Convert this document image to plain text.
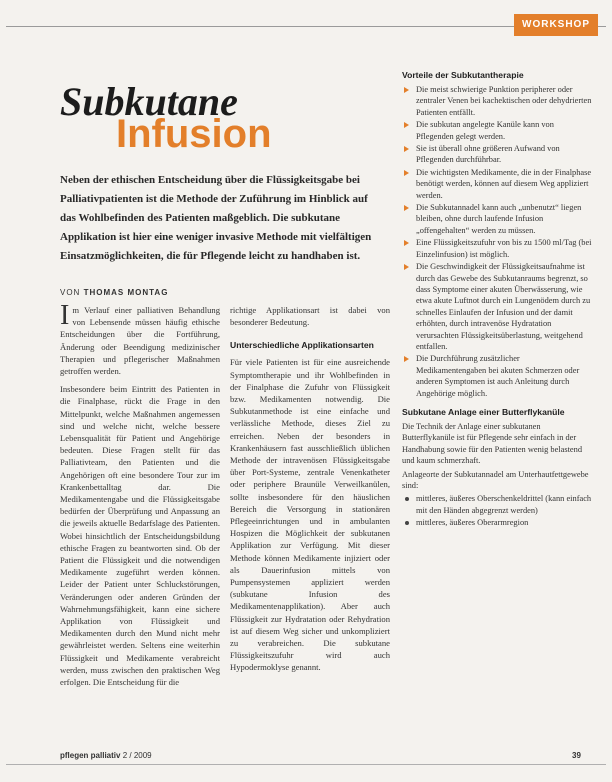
WORKSHOP
Subkutane
Infusion
Neben der ethischen Entscheidung über die Flüssigkeitsgabe bei Palliativpatienten ist die Methode der Zuführung im Hinblick auf das Wohlbefinden des Patienten maßgeblich. Die subkutane Applikation ist hier eine weniger invasive Methode mit vielfältigen Einsatzmöglichkeiten, die für Pflegende leicht zu handhaben ist.
VON THOMAS MONTAG

Im Verlauf einer palliativen Behandlung von Lebensende müssen häufig ethische Entscheidungen über die Fortführung, Änderung oder Beendigung medizinischer Therapien und pflegerischer Maßnahmen getroffen werden.

Insbesondere beim Eintritt des Patienten in die Finalphase, rückt die Frage in den Mittelpunkt, welche Maßnahmen angemessen sind und welche nicht, welche bessere Lebensqualität für Patient und Angehörige bedeuten. Diese Fragen stellt für das Palliativteam, den Patienten und die Angehörigen oft eine besondere Tour zur im Krankenbettalltag dar. Die Medikamentengabe und die Flüssigkeitsgabe bedürfen der Überprüfung und Anpassung an die jeweils aktuelle Bedarfslage des Patienten. Wobei hinsichtlich der Entscheidungsbildung ethische Fragen zu beantworten sind. Ob der Patient die Flüssigkeit und die notwendigen Medikamente zugeführt werden können. Leider der Patient unter Schluckstörungen, Veränderungen oder anderen Gründen der Wahrnehmungsfähigkeit, kann eine sichere Applikation von Flüssigkeit und Medikamenten durch den Mund nicht mehr gewährleistet werden. Seltens eine weiterhin Flüssigkeit und Medikamente verabreicht werden, muss zwischen den praktischen Weg erfolgen. Die Entscheidung für die

richtige Applikationsart ist dabei von besonderer Bedeutung.

Unterschiedliche Applikationsarten

Für viele Patienten ist für eine ausreichende Symptomtherapie und ihr Wohlbefinden in der Finalphase die Zufuhr von Flüssigkeit bzw. Medikamenten notwendig. Die Subkutanmethode ist eine einfache und verlässliche Methode, dieses Ziel zu erreichen. Neben der besonders in Krankenhäusern fast ausschließlich üblichen Methode der intravenösen Flüssigkeitsgabe über Port-Systeme, zentrale Venenkatheter oder periphere Braunüle Verweilkanülen, sollte insbesondere für den häuslichen Bereich die Versorgung in stationären Pflegeeinrichtungen und in ambulanten Hospizen die Möglichkeit der subkutanen Applikation zur Verfügung. Mit dieser Methode können Medikamente injiziert oder als Dauerinfusion mittels von Pumpensystemen appliziert werden (subkutane Infusion des Medikamentenapplikation). Aber auch Flüssigkeit zur Hydratation oder Rehydration ist auf diesem Weg sicher und unkompliziert zu verabreichen. Die subkutane Flüssigkeitszufuhr wird auch Hypodermoklyse genannt.

Vorteile der Subkutantherapie
Die meist schwierige Punktion peripherer oder zentraler Venen bei kachektischen oder dehydrierten Patienten entfällt.
Die subkutan angelegte Kanüle kann von Pflegenden gelegt werden.
Sie ist überall ohne größeren Aufwand von Pflegenden durchführbar.
Die wichtigsten Medikamente, die in der Finalphase benötigt werden, können auf diesem Weg appliziert werden.
Die Subkutannadel kann auch „unbenutzt“ liegen bleiben, ohne durch laufende Infusion „offengehalten“ werden zu müssen.
Eine Flüssigkeitszufuhr von bis zu 1500 ml/Tag (bei Einzelinfusion) ist möglich.
Die Geschwindigkeit der Flüssigkeitsaufnahme ist durch das Gewebe des Subkutanraums begrenzt, so dass Symptome einer akuten Überwässerung, wie etwa akute Luftnot durch ein Lungenödem durch zu schnelles Einlaufen der Infusion und der damit erhöhten, durch intravenöse Hydratation verursachten Flüssigkeitsüberlastung, weitgehend entfallen.
Die Durchführung zusätzlicher Medikamentengaben bei akuten Schmerzen oder anderen Symptomen ist auch Anleitung durch Angehörige möglich.
Subkutane Anlage einer Butterflykanüle

Die Technik der Anlage einer subkutanen Butterflykanüle ist für Pflegende sehr einfach in der Handhabung sowie für den Patienten wenig belastend und kaum schmerzhaft.

Anlageorte der Subkutannadel am Unterhautfettgewebe sind:

mittleres, äußeres Oberschenkeldrittel (kann einfach mit den Händen abgegrenzt werden)
mittleres, äußeres Oberarmregion
pflegen palliativ 2 / 2009	39
